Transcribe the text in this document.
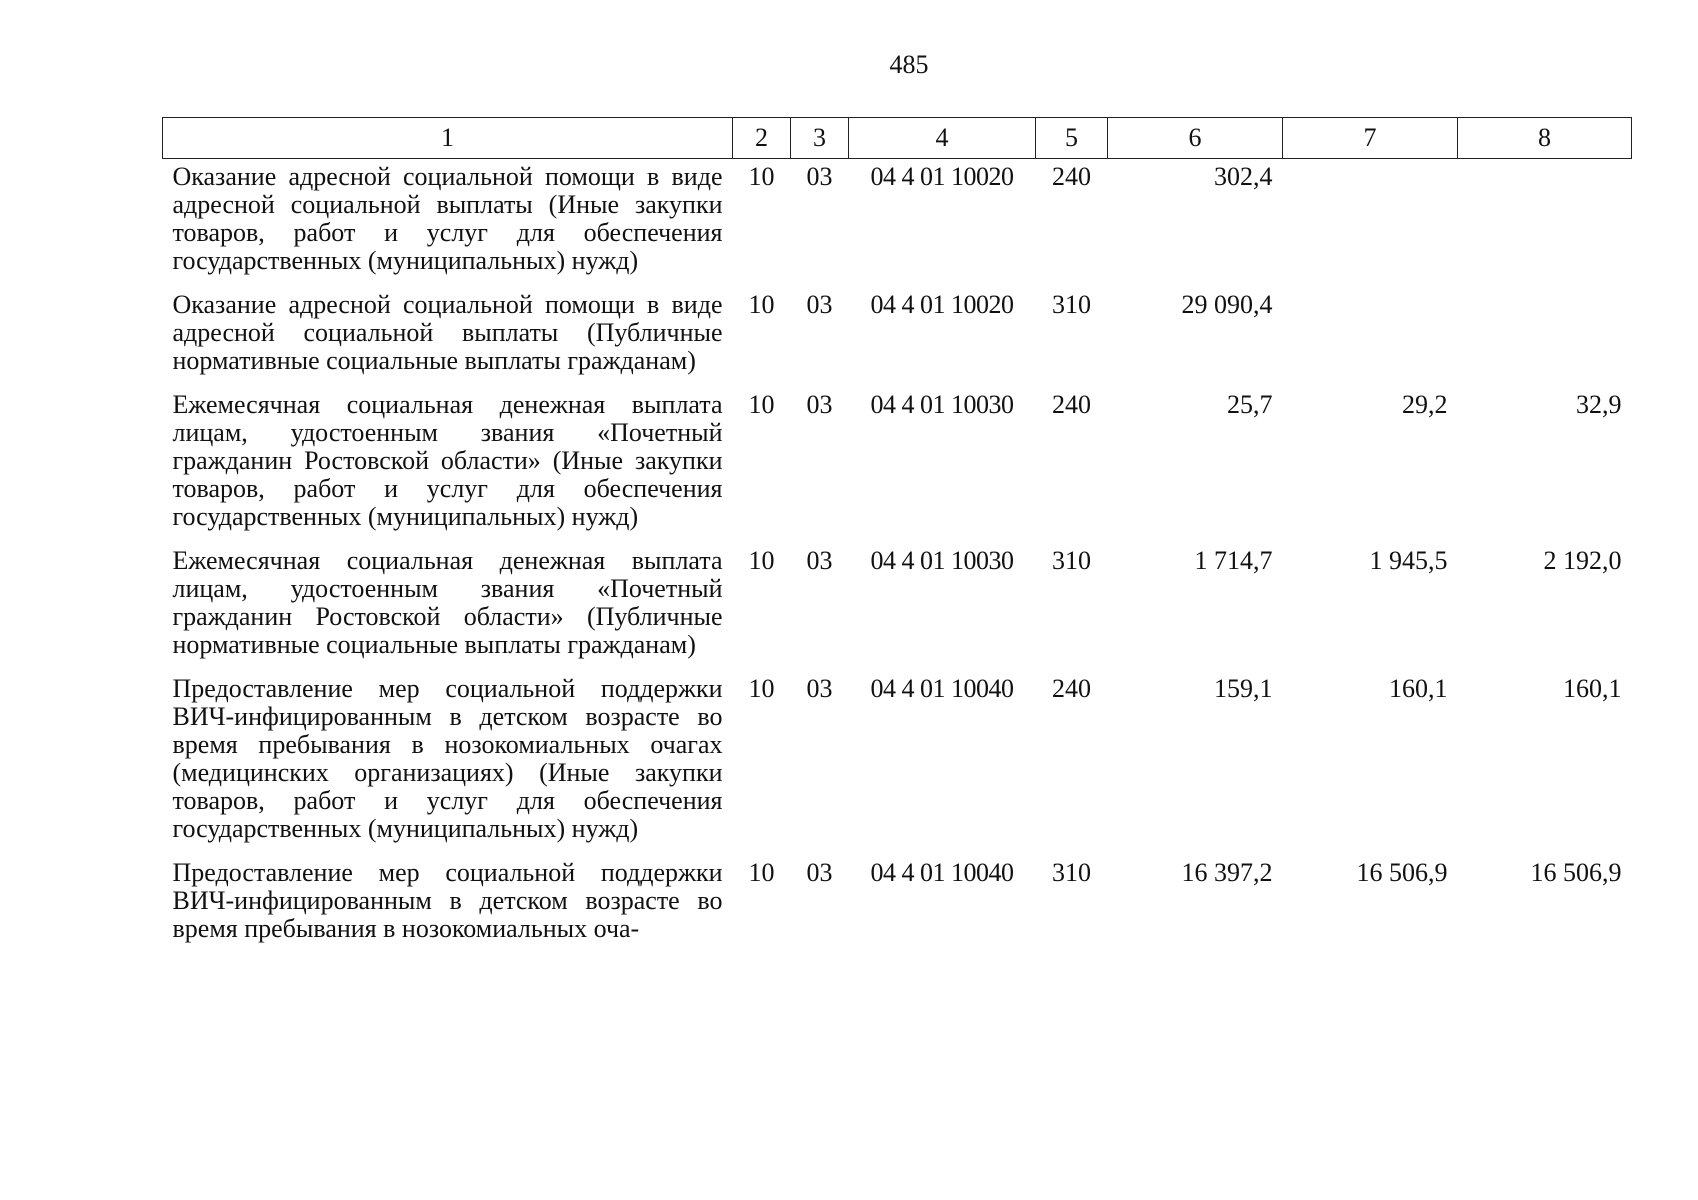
485
1	2	3	4	5	6	7	8
Оказание адресной социальной помощи в виде адресной социальной выплаты (Иные закупки товаров, работ и услуг для обеспечения государственных (муниципальных) нужд)	10	03	04 4 01 10020	240	302,4		
Оказание адресной социальной помощи в виде адресной социальной выплаты (Публичные нормативные социальные выплаты гражданам)	10	03	04 4 01 10020	310	29 090,4		
Ежемесячная социальная денежная выплата лицам, удостоенным звания «Почетный гражданин Ростовской области» (Иные закупки товаров, работ и услуг для обеспечения государственных (муниципальных) нужд)	10	03	04 4 01 10030	240	25,7	29,2	32,9
Ежемесячная социальная денежная выплата лицам, удостоенным звания «Почетный гражданин Ростовской области» (Публичные нормативные социальные выплаты гражданам)	10	03	04 4 01 10030	310	1 714,7	1 945,5	2 192,0
Предоставление мер социальной поддержки ВИЧ-инфицированным в детском возрасте во время пребывания в нозокомиальных очагах (медицинских организациях) (Иные закупки товаров, работ и услуг для обеспечения государственных (муниципальных) нужд)	10	03	04 4 01 10040	240	159,1	160,1	160,1
Предоставление мер социальной поддержки ВИЧ-инфицированным в детском возрасте во время пребывания в нозокомиальных оча-	10	03	04 4 01 10040	310	16 397,2	16 506,9	16 506,9
